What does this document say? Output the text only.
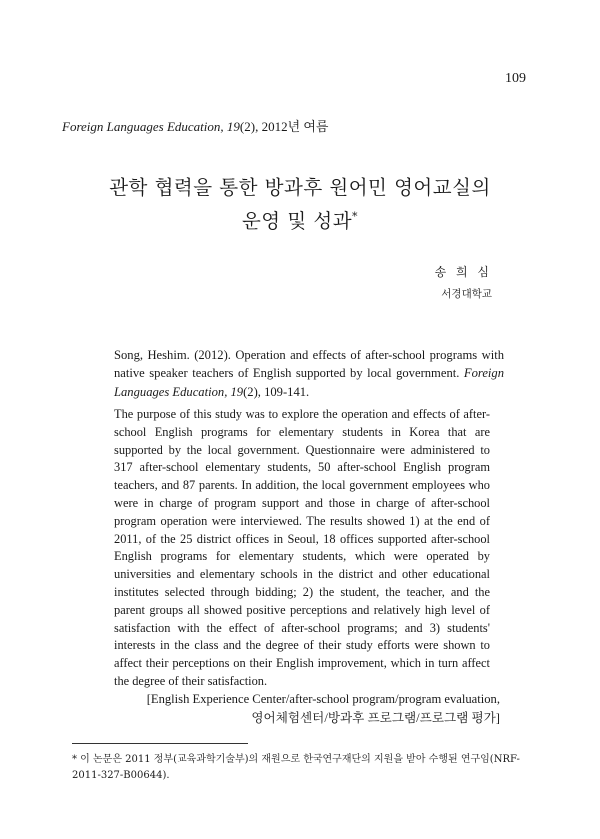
109
Foreign Languages Education, 19(2), 2012년 여름
관학 협력을 통한 방과후 원어민 영어교실의
운영 및 성과*
송 희 심
서경대학교
Song, Heshim. (2012). Operation and effects of after-school programs with native speaker teachers of English supported by local government. Foreign Languages Education, 19(2), 109-141.
The purpose of this study was to explore the operation and effects of after-school English programs for elementary students in Korea that are supported by the local government. Questionnaire were administered to 317 after-school elementary students, 50 after-school English program teachers, and 87 parents. In addition, the local government employees who were in charge of program support and those in charge of after-school program operation were interviewed. The results showed 1) at the end of 2011, of the 25 district offices in Seoul, 18 offices supported after-school English programs for elementary students, which were operated by universities and elementary schools in the district and other educational institutes selected through bidding; 2) the student, the teacher, and the parent groups all showed positive perceptions and relatively high level of satisfaction with the effect of after-school programs; and 3) students' interests in the class and the degree of their study efforts were shown to affect their perceptions on their English improvement, which in turn affect the degree of their satisfaction.
[English Experience Center/after-school program/program evaluation, 영어체험센터/방과후 프로그램/프로그램 평가]
* 이 논문은 2011 정부(교육과학기술부)의 재원으로 한국연구재단의 지원을 받아 수행된 연구임(NRF-2011-327-B00644).
